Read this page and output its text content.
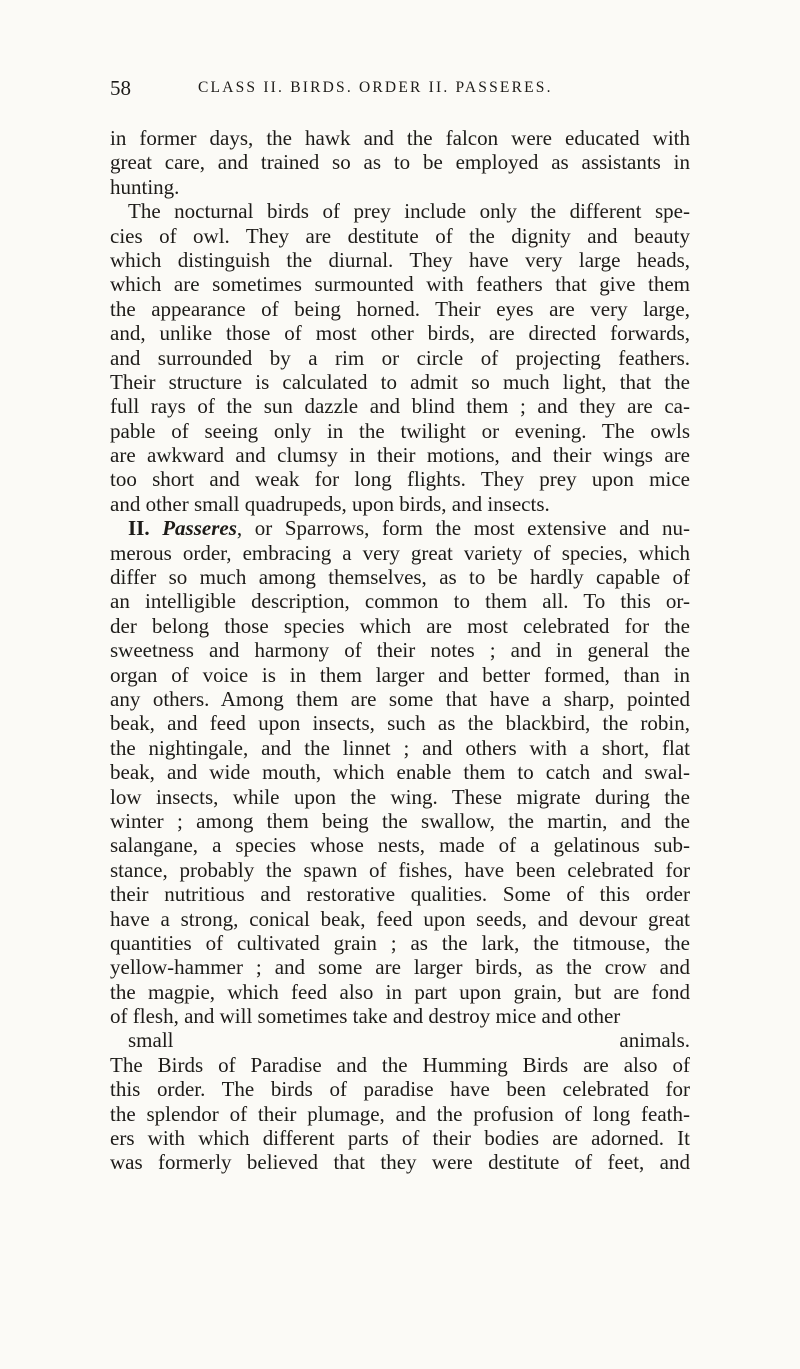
58	CLASS II. BIRDS. ORDER II. PASSERES.
in former days, the hawk and the falcon were educated with
great care, and trained so as to be employed as assistants in
hunting.
The nocturnal birds of prey include only the different spe-
cies of owl. They are destitute of the dignity and beauty
which distinguish the diurnal. They have very large heads,
which are sometimes surmounted with feathers that give them
the appearance of being horned. Their eyes are very large,
and, unlike those of most other birds, are directed forwards,
and surrounded by a rim or circle of projecting feathers.
Their structure is calculated to admit so much light, that the
full rays of the sun dazzle and blind them ; and they are ca-
pable of seeing only in the twilight or evening. The owls
are awkward and clumsy in their motions, and their wings are
too short and weak for long flights. They prey upon mice
and other small quadrupeds, upon birds, and insects.
II. Passeres, or Sparrows, form the most extensive and nu-
merous order, embracing a very great variety of species, which
differ so much among themselves, as to be hardly capable of
an intelligible description, common to them all. To this or-
der belong those species which are most celebrated for the
sweetness and harmony of their notes ; and in general the
organ of voice is in them larger and better formed, than in
any others. Among them are some that have a sharp, pointed
beak, and feed upon insects, such as the blackbird, the robin,
the nightingale, and the linnet ; and others with a short, flat
beak, and wide mouth, which enable them to catch and swal-
low insects, while upon the wing. These migrate during the
winter ; among them being the swallow, the martin, and the
salangane, a species whose nests, made of a gelatinous sub-
stance, probably the spawn of fishes, have been celebrated for
their nutritious and restorative qualities. Some of this order
have a strong, conical beak, feed upon seeds, and devour great
quantities of cultivated grain ; as the lark, the titmouse, the
yellow-hammer ; and some are larger birds, as the crow and
the magpie, which feed also in part upon grain, but are fond
of flesh, and will sometimes take and destroy mice and other
small animals.
The Birds of Paradise and the Humming Birds are also of
this order. The birds of paradise have been celebrated for
the splendor of their plumage, and the profusion of long feath-
ers with which different parts of their bodies are adorned. It
was formerly believed that they were destitute of feet, and
